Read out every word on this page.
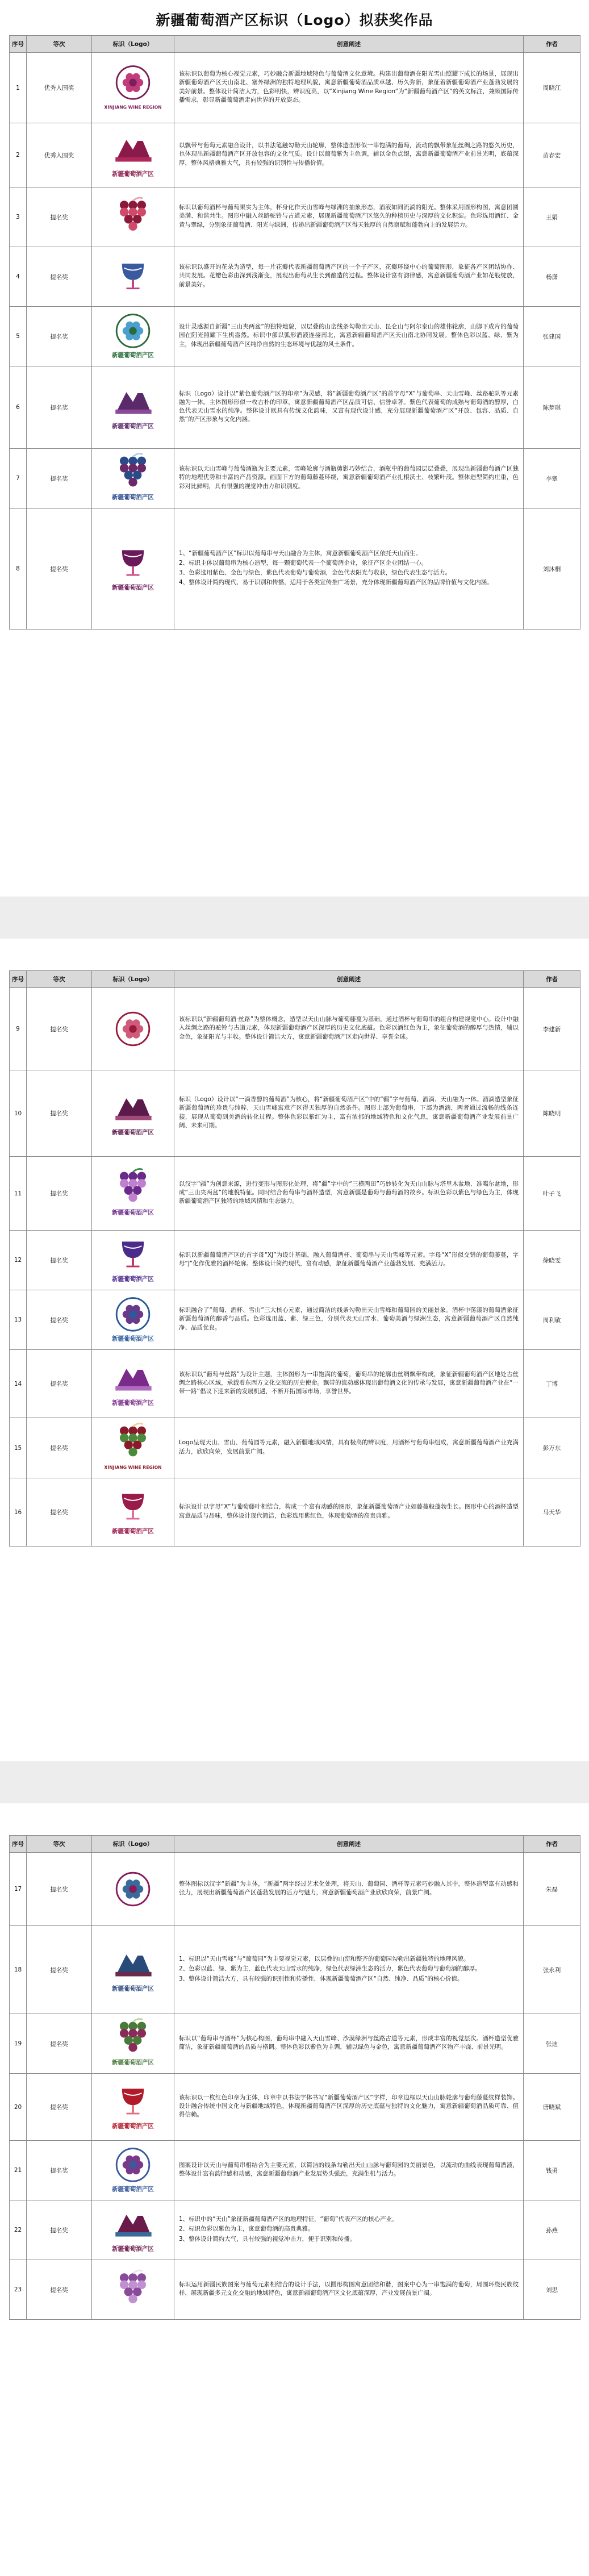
新疆葡萄酒产区标识（Logo）拟获奖作品
序号	等次	标识（Logo）	创意阐述	作者
1	优秀入围奖	XINJIANG WINE REGION	该标识以葡萄为核心视觉元素，巧妙融合新疆地域特色与葡萄酒文化意境。构建出葡萄酒在阳光雪山照耀下成长的场景，展现出新疆葡萄酒产区天山南北、塞外绿洲的独特地理风貌，寓意新疆葡萄酒品质卓越、历久弥新，象征着新疆葡萄酒产业蓬勃发展的美好前景。整体设计简洁大方，色彩明快，辨识度高，以“Xinjiang Wine Region”为“新疆葡萄酒产区”的英文标注，兼顾国际传播需求，彰显新疆葡萄酒走向世界的开放姿态。	周晓江
2	优秀入围奖	新疆葡萄酒产区	以飘带与葡萄元素融合设计，以书法笔触勾勒天山轮廓，整体造型形似一串饱满的葡萄，流动的飘带象征丝绸之路的悠久历史，也体现出新疆葡萄酒产区开放包容的文化气质。设计以葡萄紫为主色调，辅以金色点缀，寓意新疆葡萄酒产业前景光明，底蕴深厚，整体风格典雅大气，具有较强的识别性与传播价值。	苗春宏
3	提名奖		标识以葡萄酒杯与葡萄果实为主体，杯身化作天山雪峰与绿洲的抽象形态，酒液如同流淌的阳光。整体采用圆形构图，寓意团圆美满、和谐共生。图形中融入丝路驼铃与古道元素，展现新疆葡萄酒产区悠久的种植历史与深厚的文化积淀。色彩选用酒红、金黄与翠绿，分别象征葡萄酒、阳光与绿洲，传递出新疆葡萄酒产区得天独厚的自然禀赋和蓬勃向上的发展活力。	王娟
4	提名奖		该标识以盛开的花朵为造型，每一片花瓣代表新疆葡萄酒产区的一个子产区，花瓣环绕中心的葡萄图形，象征各产区团结协作、共同发展。花瓣色彩由深到浅渐变，展现出葡萄从生长到酿造的过程。整体设计富有韵律感，寓意新疆葡萄酒产业如花般绽放，前景美好。	杨潇
5	提名奖	新疆葡萄酒产区	设计灵感源自新疆“三山夹两盆”的独特地貌，以层叠的山峦线条勾勒出天山、昆仑山与阿尔泰山的雄伟轮廓，山脚下成片的葡萄园在阳光照耀下生机盎然。标识中部以弧形酒液连接南北，寓意新疆葡萄酒产区天山南北协同发展。整体色彩以蓝、绿、紫为主，体现出新疆葡萄酒产区纯净自然的生态环境与优越的风土条件。	张建国
6	提名奖	新疆葡萄酒产区	标识（Logo）设计以“紫色葡萄酒产区的印章”为灵感，将“新疆葡萄酒产区”的首字母“X”与葡萄串、天山雪峰、丝路驼队等元素融为一体。主体图形形似一枚古朴的印章，寓意新疆葡萄酒产区品质可信、信誉卓著。紫色代表葡萄的成熟与葡萄酒的醇厚，白色代表天山雪水的纯净。整体设计既具有传统文化韵味，又富有现代设计感，充分展现新疆葡萄酒产区“开放、包容、品质、自然”的产区形象与文化内涵。	陈梦琪
7	提名奖	新疆葡萄酒产区	该标识以天山雪峰与葡萄酒瓶为主要元素，雪峰轮廓与酒瓶剪影巧妙结合，酒瓶中的葡萄园层层叠叠，展现出新疆葡萄酒产区独特的地理优势和丰富的产品资源。画面下方的葡萄藤蔓环绕，寓意新疆葡萄酒产业扎根沃土、枝繁叶茂。整体造型简约庄重，色彩对比鲜明，具有很强的视觉冲击力和识别度。	李翠
8	提名奖	新疆葡萄酒产区	1、“新疆葡萄酒产区”标识以葡萄串与天山融合为主体，寓意新疆葡萄酒产区依托天山而生。

2、标识主体以葡萄串为核心造型，每一颗葡萄代表一个葡萄酒企业，象征产区企业团结一心。

3、色彩选用紫色、金色与绿色，紫色代表葡萄与葡萄酒，金色代表阳光与收获，绿色代表生态与活力。

4、整体设计简约现代，易于识别和传播，适用于各类宣传推广场景，充分体现新疆葡萄酒产区的品牌价值与文化内涵。	刘沐桐
序号	等次	标识（Logo）	创意阐述	作者
9	提名奖		该标识以“新疆葡萄酒·丝路”为整体概念，造型以天山山脉与葡萄藤蔓为基础，通过酒杯与葡萄串的组合构建视觉中心。设计中融入丝绸之路的驼铃与古道元素，体现新疆葡萄酒产区深厚的历史文化底蕴。色彩以酒红色为主，象征葡萄酒的醇厚与热情，辅以金色，象征阳光与丰收。整体设计简洁大方，寓意新疆葡萄酒产区走向世界、享誉全球。	李建新
10	提名奖	新疆葡萄酒产区	标识（Logo）设计以“一滴香醇的葡萄酒”为核心，将“新疆葡萄酒产区”中的“疆”字与葡萄、酒滴、天山融为一体。酒滴造型象征新疆葡萄酒的珍贵与纯粹，天山雪峰寓意产区得天独厚的自然条件。图形上部为葡萄串，下部为酒滴，两者通过流畅的线条连接，展现从葡萄到美酒的转化过程。整体色彩以紫红为主，富有浓郁的地域特色和文化气息，寓意新疆葡萄酒产业发展前景广阔、未来可期。	陈晓明
11	提名奖	新疆葡萄酒产区	以汉字“疆”为创意来源，进行变形与图形化处理，将“疆”字中的“三横两田”巧妙转化为天山山脉与塔里木盆地、准噶尔盆地，形成“三山夹两盆”的地貌特征。同时结合葡萄串与酒杯造型，寓意新疆是葡萄与葡萄酒的故乡。标识色彩以紫色与绿色为主，体现新疆葡萄酒产区独特的地域风情和生态魅力。	叶子飞
12	提名奖	新疆葡萄酒产区	标识以新疆葡萄酒产区的首字母“XJ”为设计基础，融入葡萄酒杯、葡萄串与天山雪峰等元素。字母“X”形似交错的葡萄藤蔓，字母“J”化作优雅的酒杯轮廓。整体设计简约现代，富有动感，象征新疆葡萄酒产业蓬勃发展、充满活力。	徐晓雯
13	提名奖	新疆葡萄酒产区	标识融合了“葡萄、酒杯、雪山”三大核心元素，通过简洁的线条勾勒出天山雪峰和葡萄园的美丽景象。酒杯中荡漾的葡萄酒象征新疆葡萄酒的醇香与品质。色彩选用蓝、紫、绿三色，分别代表天山雪水、葡萄美酒与绿洲生态，寓意新疆葡萄酒产区自然纯净、品质优良。	周利敏
14	提名奖	新疆葡萄酒产区	该标识以“葡萄与丝路”为设计主题，主体图形为一串饱满的葡萄，葡萄串的轮廓由丝绸飘带构成，象征新疆葡萄酒产区地处古丝绸之路核心区域，承载着东西方文化交流的历史使命。飘带的流动感体现出葡萄酒文化的传承与发展，寓意新疆葡萄酒产业在“一带一路”倡议下迎来新的发展机遇，不断开拓国际市场，享誉世界。	丁博
15	提名奖	XINJIANG WINE REGION	Logo呈现天山、雪山、葡萄园等元素，融入新疆地域风情，具有极高的辨识度，用酒杯与葡萄串组成，寓意新疆葡萄酒产业充满活力，欣欣向荣，发展前景广阔。	彭万东
16	提名奖	新疆葡萄酒产区	标识设计以字母“X”与葡萄藤叶相结合，构成一个富有动感的图形，象征新疆葡萄酒产业如藤蔓般蓬勃生长。图形中心的酒杯造型寓意品质与品味，整体设计现代简洁，色彩选用紫红色，体现葡萄酒的高贵典雅。	马天华
序号	等次	标识（Logo）	创意阐述	作者
17	提名奖		整体图标以汉字“新疆”为主体，“新疆”两字经过艺术化处理，将天山、葡萄园、酒杯等元素巧妙融入其中，整体造型富有动感和张力，展现出新疆葡萄酒产区蓬勃发展的活力与魅力，寓意新疆葡萄酒产业欣欣向荣，前景广阔。	朱磊
18	提名奖	新疆葡萄酒产区	1、标识以“天山雪峰”与“葡萄园”为主要视觉元素，以层叠的山峦和整齐的葡萄园勾勒出新疆独特的地理风貌。

2、色彩以蓝、绿、紫为主，蓝色代表天山雪水的纯净，绿色代表绿洲生态的活力，紫色代表葡萄与葡萄酒的醇厚。

3、整体设计简洁大方，具有较强的识别性和传播性，体现新疆葡萄酒产区“自然、纯净、品质”的核心价值。	张永利
19	提名奖	新疆葡萄酒产区	标识以“葡萄串与酒杯”为核心构图，葡萄串中融入天山雪峰、沙漠绿洲与丝路古道等元素，形成丰富的视觉层次。酒杯造型优雅简洁，象征新疆葡萄酒的品质与格调。整体色彩以紫色为主调，辅以绿色与金色，寓意新疆葡萄酒产区物产丰饶、前景光明。	张迪
20	提名奖	新疆葡萄酒产区	该标识以一枚红色印章为主体，印章中以书法字体书写“新疆葡萄酒产区”字样，印章边框以天山山脉轮廓与葡萄藤蔓纹样装饰。设计融合传统中国文化与新疆地域特色，体现新疆葡萄酒产区深厚的历史底蕴与独特的文化魅力，寓意新疆葡萄酒品质可靠、值得信赖。	唐晓斌
21	提名奖	新疆葡萄酒产区	图案设计以天山与葡萄串相结合为主要元素，以简洁的线条勾勒出天山山脉与葡萄园的美丽景色，以流动的曲线表现葡萄酒液，整体设计富有韵律感和动感，寓意新疆葡萄酒产业发展势头强劲，充满生机与活力。	钱勇
22	提名奖	新疆葡萄酒产区	1、标识中的“天山”象征新疆葡萄酒产区的地理特征，“葡萄”代表产区的核心产业。

2、标识色彩以紫色为主，寓意葡萄酒的高贵典雅。

3、整体设计简约大气，具有较强的视觉冲击力，便于识别和传播。	孙燕
23	提名奖		标识运用新疆民族图案与葡萄元素相结合的设计手法，以圆形构图寓意团结和谐，图案中心为一串饱满的葡萄，周围环绕民族纹样，展现新疆多元文化交融的地域特色，寓意新疆葡萄酒产区文化底蕴深厚，产业发展前景广阔。	刘思
